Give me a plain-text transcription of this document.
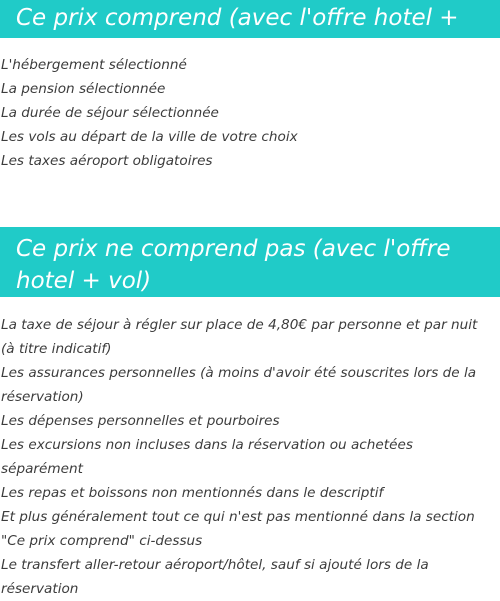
Ce prix comprend (avec l'offre hotel + vol)
L'hébergement sélectionné
La pension sélectionnée
La durée de séjour sélectionnée
Les vols au départ de la ville de votre choix
Les taxes aéroport obligatoires
Ce prix ne comprend pas (avec l'offre hotel + vol)
La taxe de séjour à régler sur place de 4,80€ par personne et par nuit (à titre indicatif)
Les assurances personnelles (à moins d'avoir été souscrites lors de la réservation)
Les dépenses personnelles et pourboires
Les excursions non incluses dans la réservation ou achetées séparément
Les repas et boissons non mentionnés dans le descriptif
Et plus généralement tout ce qui n'est pas mentionné dans la section "Ce prix comprend" ci-dessus
Le transfert aller-retour aéroport/hôtel, sauf si ajouté lors de la réservation
